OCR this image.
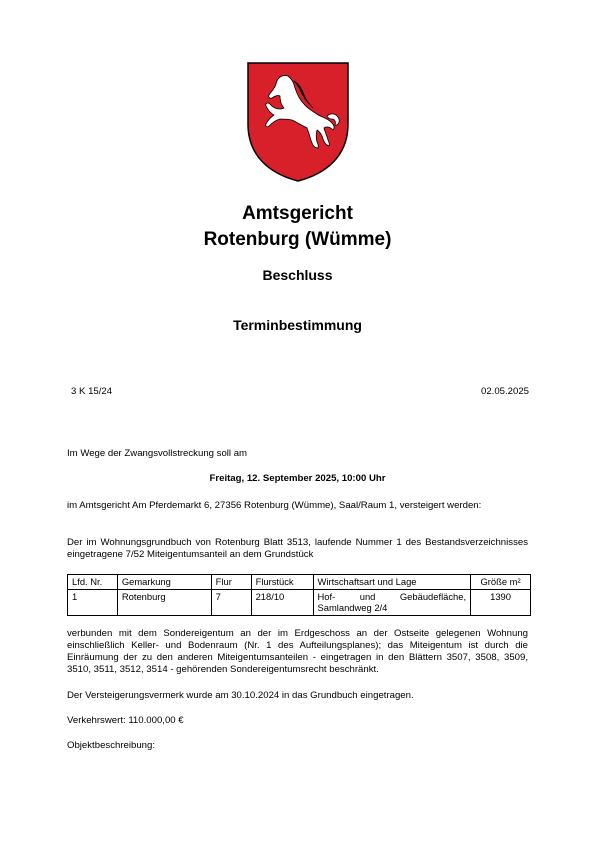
Amtsgericht
Rotenburg (Wümme)
Beschluss
Terminbestimmung
3 K 15/24	02.05.2025
Im Wege der Zwangsvollstreckung soll am
Freitag, 12. September 2025, 10:00 Uhr
im Amtsgericht Am Pferdemarkt 6, 27356 Rotenburg (Wümme), Saal/Raum 1, versteigert werden:
Der im Wohnungsgrundbuch von Rotenburg Blatt 3513, laufende Nummer 1 des Bestandsverzeichnisses eingetragene 7/52 Miteigentumsanteil an dem Grundstück
Lfd. Nr.	Gemarkung	Flur	Flurstück	Wirtschaftsart und Lage	Größe m²
1	Rotenburg	7	218/10	Hof- und Gebäudefläche, Samlandweg 2/4	1390
verbunden mit dem Sondereigentum an der im Erdgeschoss an der Ostseite gelegenen Wohnung einschließlich Keller- und Bodenraum (Nr. 1 des Aufteilungsplanes); das Miteigentum ist durch die Einräumung der zu den anderen Miteigentumsanteilen - eingetragen in den Blättern 3507, 3508, 3509, 3510, 3511, 3512, 3514 - gehörenden Sondereigentumsrecht beschränkt.
Der Versteigerungsvermerk wurde am 30.10.2024 in das Grundbuch eingetragen.
Verkehrswert: 110.000,00 €
Objektbeschreibung:
